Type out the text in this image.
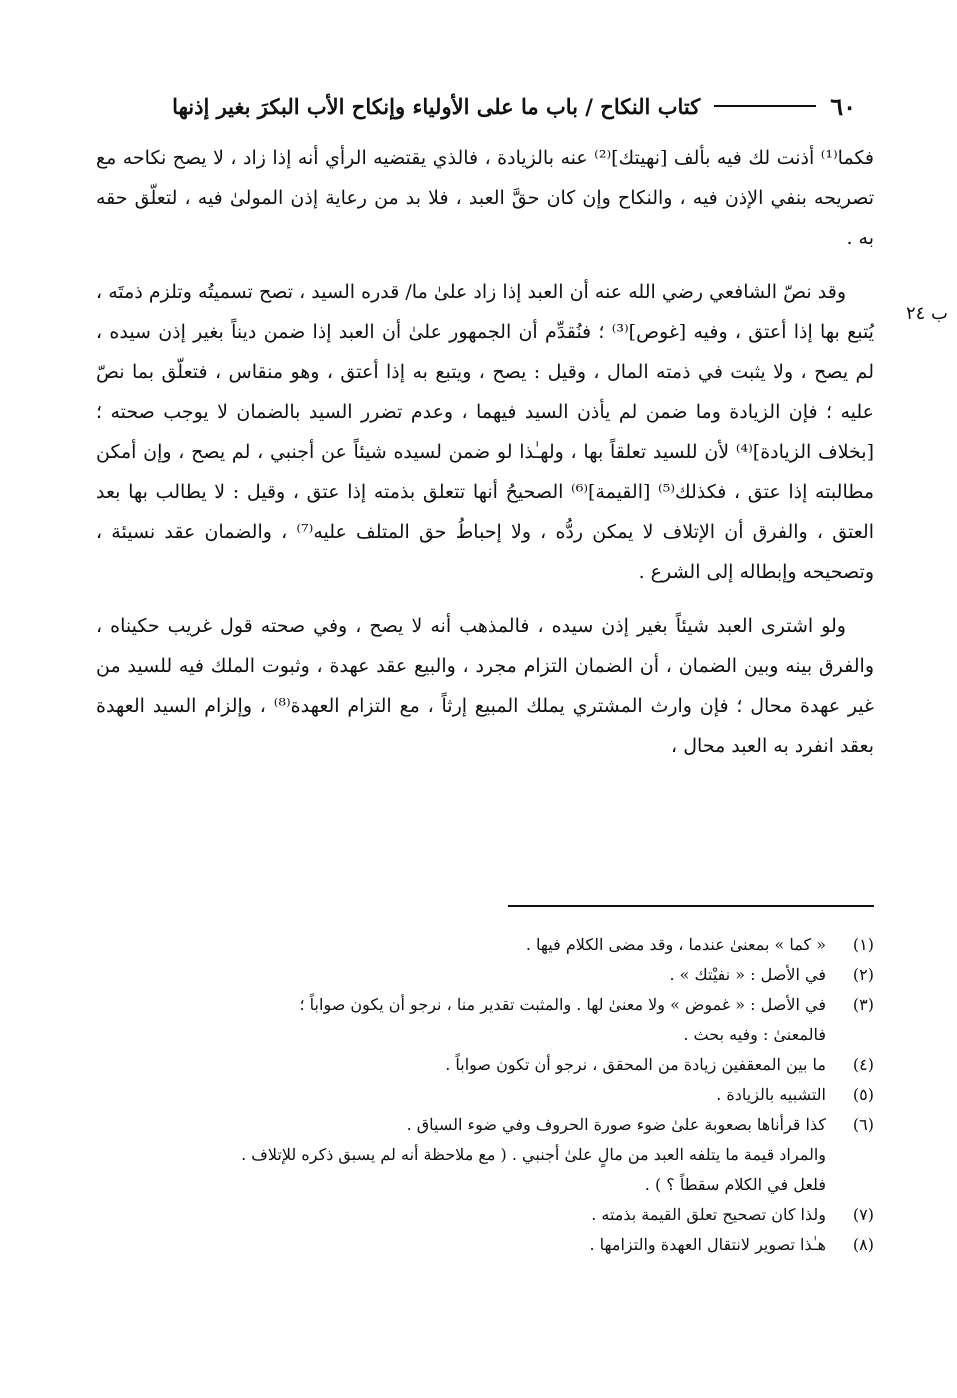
٦٠
كتاب النكاح / باب ما على الأولياء وإنكاح الأب البكرَ بغير إذنها
ب ٢٤

فكما⁽¹⁾ أذنت لك فيه بألف [نهيتك]⁽²⁾ عنه بالزيادة ، فالذي يقتضيه الرأي أنه إذا زاد ، لا يصح نكاحه مع تصريحه بنفي الإذن فيه ، والنكاح وإن كان حقَّ العبد ، فلا بد من رعاية إذن المولىٰ فيه ، لتعلّق حقه به .

وقد نصّ الشافعي رضي الله عنه أن العبد إذا زاد علىٰ ما/ قدره السيد ، تصح تسميتُه وتلزم ذمتَه ، يُتبع بها إذا أعتق ، وفيه [غوص]⁽³⁾ ؛ فنُقدِّم أن الجمهور علىٰ أن العبد إذا ضمن ديناً بغير إذن سيده ، لم يصح ، ولا يثبت في ذمته المال ، وقيل : يصح ، ويتبع به إذا أعتق ، وهو منقاس ، فتعلّق بما نصّ عليه ؛ فإن الزيادة وما ضمن لم يأذن السيد فيهما ، وعدم تضرر السيد بالضمان لا يوجب صحته ؛ [بخلاف الزيادة]⁽⁴⁾ لأن للسيد تعلقاً بها ، ولهـٰذا لو ضمن لسيده شيئاً عن أجنبي ، لم يصح ، وإن أمكن مطالبته إذا عتق ، فكذلك⁽⁵⁾ [القيمة]⁽⁶⁾ الصحيحُ أنها تتعلق بذمته إذا عتق ، وقيل : لا يطالب بها بعد العتق ، والفرق أن الإتلاف لا يمكن ردُّه ، ولا إحباطُ حق المتلف عليه⁽⁷⁾ ، والضمان عقد نسيئة ، وتصحيحه وإبطاله إلى الشرع .

ولو اشترى العبد شيئاً بغير إذن سيده ، فالمذهب أنه لا يصح ، وفي صحته قول غريب حكيناه ، والفرق بينه وبين الضمان ، أن الضمان التزام مجرد ، والبيع عقد عهدة ، وثبوت الملك فيه للسيد من غير عهدة محال ؛ فإن وارث المشتري يملك المبيع إرثاً ، مع التزام العهدة⁽⁸⁾ ، وإلزام السيد العهدة بعقد انفرد به العبد محال ،

(١)
« كما » بمعنىٰ عندما ، وقد مضى الكلام فيها .
(٢)
في الأصل : « نفيْتك » .
(٣)
في الأصل : « غموض » ولا معنىٰ لها . والمثبت تقدير منا ، نرجو أن يكون صواباً ؛
فالمعنىٰ : وفيه بحث .
(٤)
ما بين المعقفين زيادة من المحقق ، نرجو أن تكون صواباً .
(٥)
التشبيه بالزيادة .
(٦)
كذا قرأناها بصعوبة علىٰ ضوء صورة الحروف وفي ضوء السياق .
والمراد قيمة ما يتلفه العبد من مالٍ علىٰ أجنبي . ( مع ملاحظة أنه لم يسبق ذكره للإتلاف .
فلعل في الكلام سقطاً ؟ ) .
(٧)
ولذا كان تصحيح تعلق القيمة بذمته .
(٨)
هـٰذا تصوير لانتقال العهدة والتزامها .
